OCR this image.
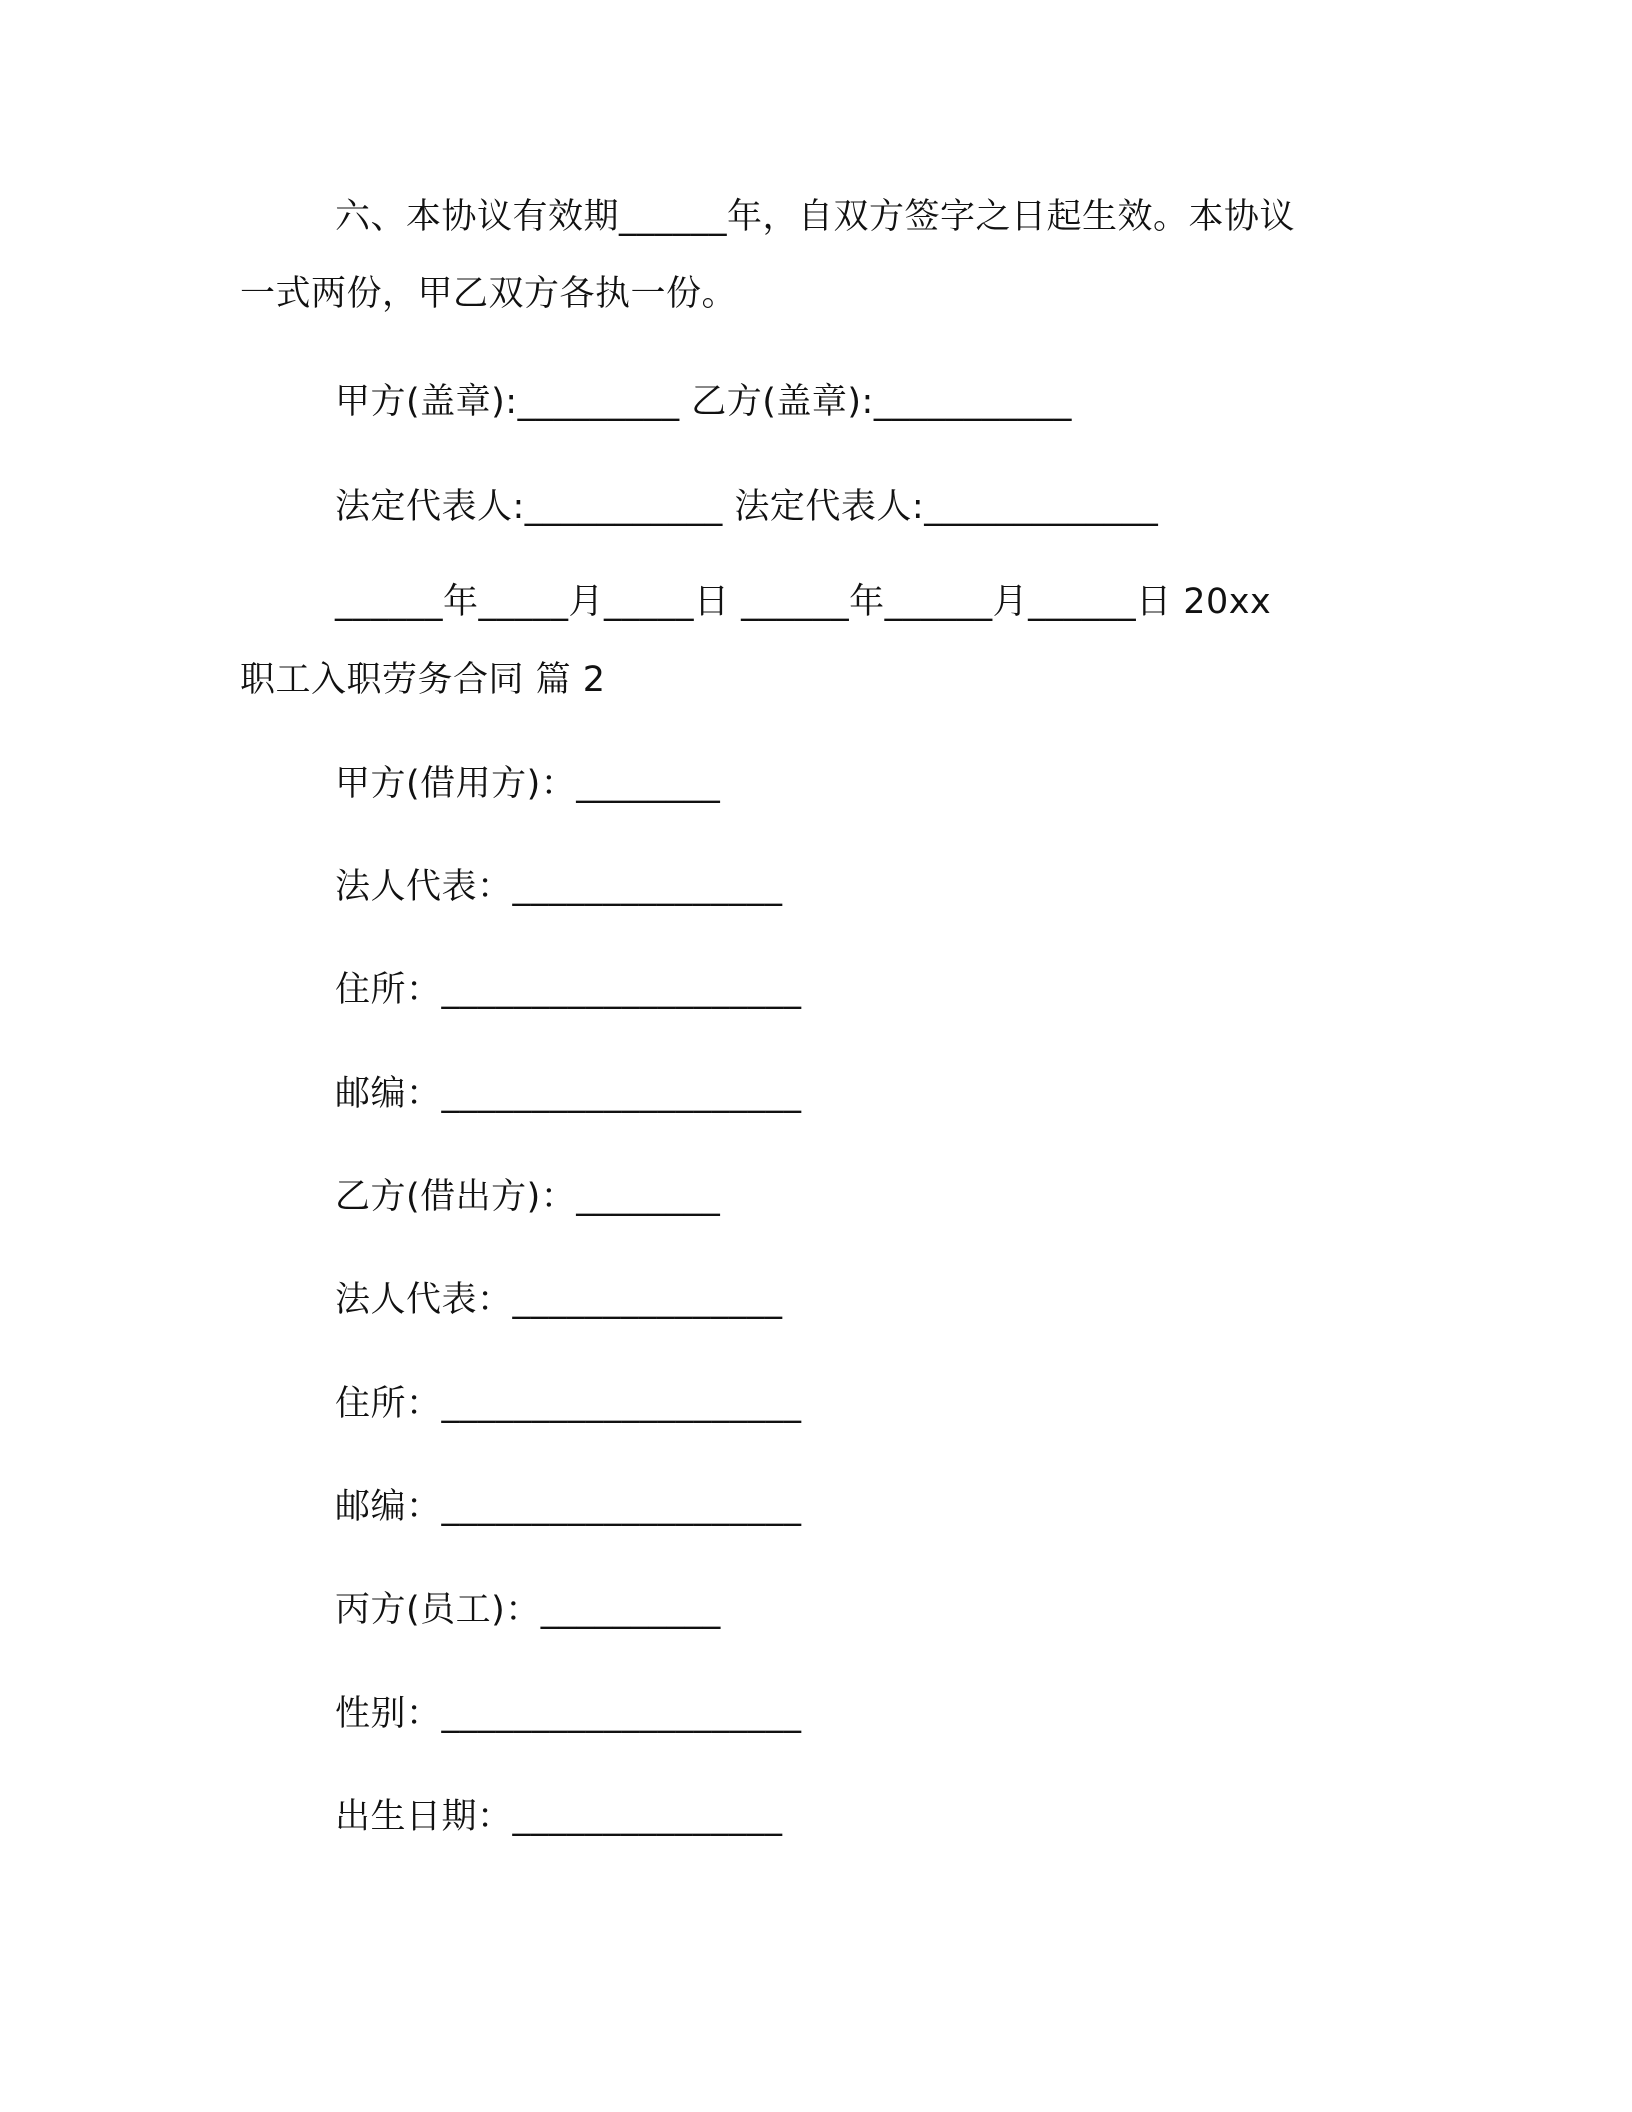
六、本协议有效期______年，自双方签字之日起生效。本协议
一式两份，甲乙双方各执一份。
甲方(盖章):_________ 乙方(盖章):___________
法定代表人:___________ 法定代表人:_____________
______年_____月_____日 ______年______月______日 20xx
职工入职劳务合同 篇 2
甲方(借用方)：________
法人代表：_______________
住所：____________________
邮编：____________________
乙方(借出方)：________
法人代表：_______________
住所：____________________
邮编：____________________
丙方(员工)：__________
性别：____________________
出生日期：_______________
